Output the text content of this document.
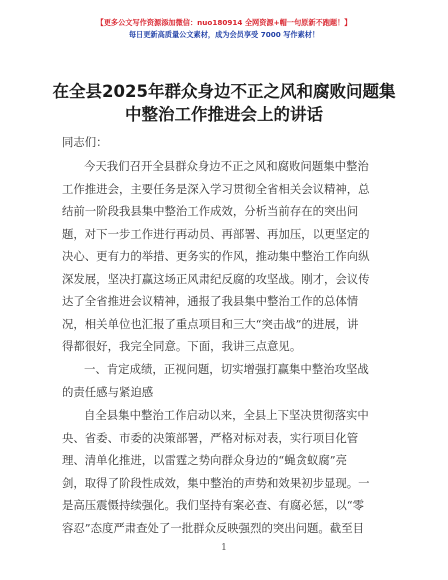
【更多公文写作资源添加微信：nuo180914 全网资源+帽一句原新不跑题！】
每日更新高质量公文素材，成为会员享受 7000 写作素材！
在全县2025年群众身边不正之风和腐败问题集
中整治工作推进会上的讲话
同志们：
今天我们召开全县群众身边不正之风和腐败问题集中整治
工作推进会，主要任务是深入学习贯彻全省相关会议精神，总
结前一阶段我县集中整治工作成效，分析当前存在的突出问
题，对下一步工作进行再动员、再部署、再加压，以更坚定的
决心、更有力的举措、更务实的作风，推动集中整治工作向纵
深发展，坚决打赢这场正风肃纪反腐的攻坚战。刚才，会议传
达了全省推进会议精神，通报了我县集中整治工作的总体情
况，相关单位也汇报了重点项目和三大“突击战”的进展，讲
得都很好，我完全同意。下面，我讲三点意见。
一、肯定成绩，正视问题，切实增强打赢集中整治攻坚战
的责任感与紧迫感
自全县集中整治工作启动以来，全县上下坚决贯彻落实中
央、省委、市委的决策部署，严格对标对表，实行项目化管
理、清单化推进，以雷霆之势向群众身边的“蝇贪蚁腐”亮
剑，取得了阶段性成效，集中整治的声势和效果初步显现。一
是高压震慑持续强化。我们坚持有案必查、有腐必惩，以“零
容忍”态度严肃查处了一批群众反映强烈的突出问题。截至目
1
